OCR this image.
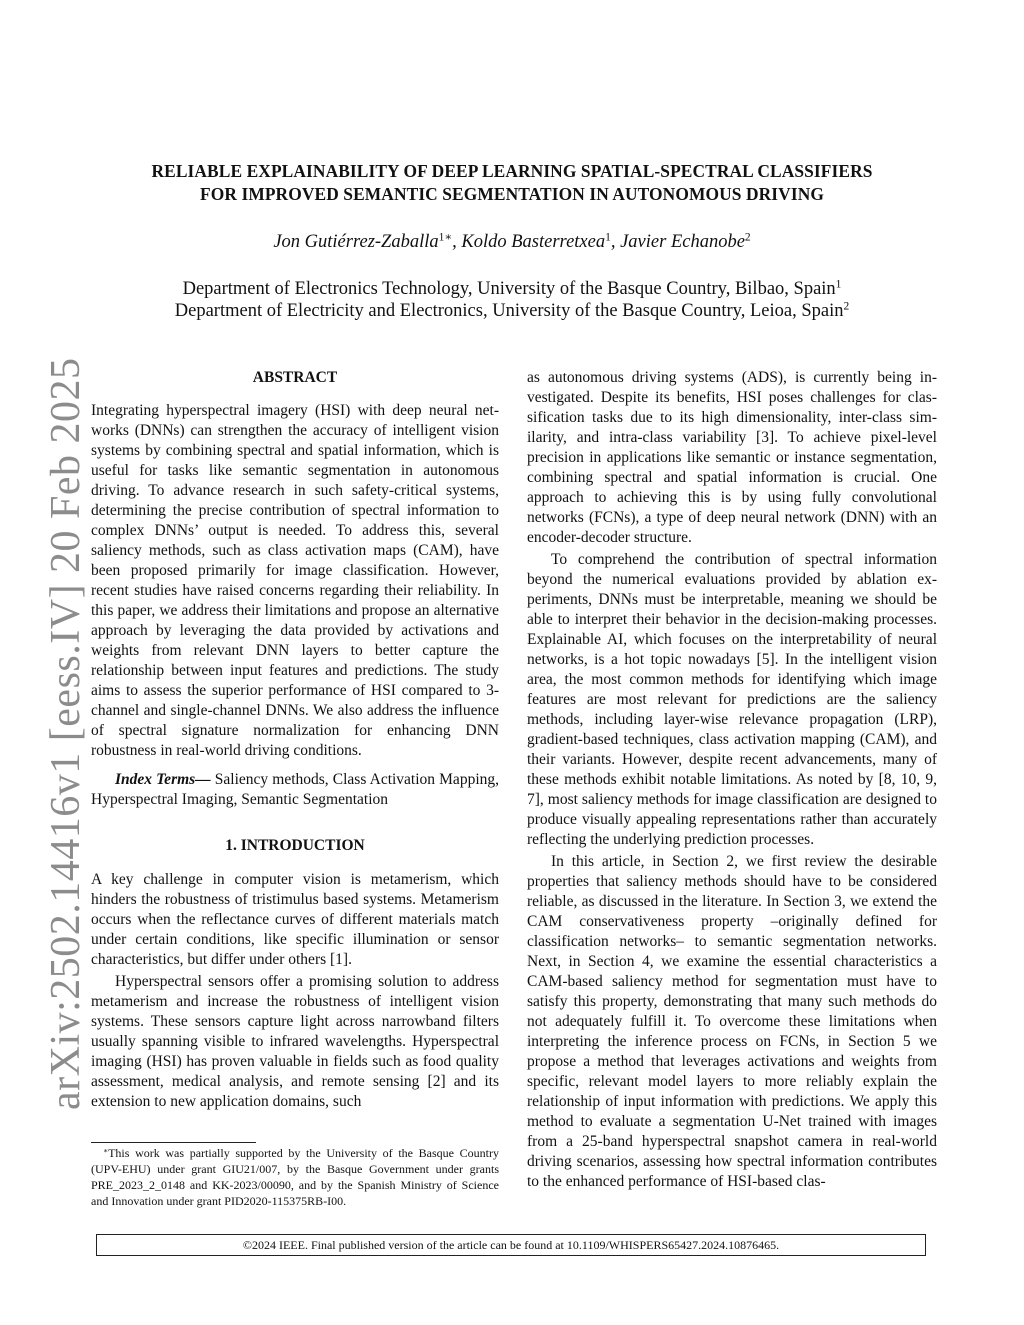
arXiv:2502.14416v1 [eess.IV] 20 Feb 2025
RELIABLE EXPLAINABILITY OF DEEP LEARNING SPATIAL-SPECTRAL CLASSIFIERS
FOR IMPROVED SEMANTIC SEGMENTATION IN AUTONOMOUS DRIVING
Jon Gutiérrez-Zaballa$^{1∗}$, Koldo Basterretxea$^1$, Javier Echanobe$^2$
Department of Electronics Technology, University of the Basque Country, Bilbao, Spain$^1$
Department of Electricity and Electronics, University of the Basque Country, Leioa, Spain$^2$
ABSTRACT

Integrating hyperspectral imagery (HSI) with deep neural networks (DNNs) can strengthen the accuracy of intelligent vision systems by combining spectral and spatial information, which is useful for tasks like semantic segmentation in autonomous driving. To advance research in such safety-critical systems, determining the precise contribution of spectral information to complex DNNs’ output is needed. To address this, several saliency methods, such as class activation maps (CAM), have been proposed primarily for image classification. However, recent studies have raised concerns regarding their reliability. In this paper, we address their limitations and propose an alternative approach by leveraging the data provided by activations and weights from relevant DNN layers to better capture the relationship between input features and predictions. The study aims to assess the superior performance of HSI compared to 3-channel and single-channel DNNs. We also address the influence of spectral signature normalization for enhancing DNN robustness in real-world driving conditions.

Index Terms— Saliency methods, Class Activation Mapping, Hyperspectral Imaging, Semantic Segmentation

1. INTRODUCTION

A key challenge in computer vision is metamerism, which hinders the robustness of tristimulus based systems. Metamerism occurs when the reflectance curves of different materials match under certain conditions, like specific illumination or sensor characteristics, but differ under others [1].

Hyperspectral sensors offer a promising solution to address metamerism and increase the robustness of intelligent vision systems. These sensors capture light across narrowband filters usually spanning visible to infrared wavelengths. Hyperspectral imaging (HSI) has proven valuable in fields such as food quality assessment, medical analysis, and remote sensing [2] and its extension to new application domains, such

∗This work was partially supported by the University of the Basque Country (UPV-EHU) under grant GIU21/007, by the Basque Government under grants PRE_2023_2_0148 and KK-2023/00090, and by the Spanish Ministry of Science and Innovation under grant PID2020-115375RB-I00.

as autonomous driving systems (ADS), is currently being investigated. Despite its benefits, HSI poses challenges for classification tasks due to its high dimensionality, inter-class similarity, and intra-class variability [3]. To achieve pixel-level precision in applications like semantic or instance segmentation, combining spectral and spatial information is crucial. One approach to achieving this is by using fully convolutional networks (FCNs), a type of deep neural network (DNN) with an encoder-decoder structure.

To comprehend the contribution of spectral information beyond the numerical evaluations provided by ablation experiments, DNNs must be interpretable, meaning we should be able to interpret their behavior in the decision-making processes. Explainable AI, which focuses on the interpretability of neural networks, is a hot topic nowadays [5]. In the intelligent vision area, the most common methods for identifying which image features are most relevant for predictions are the saliency methods, including layer-wise relevance propagation (LRP), gradient-based techniques, class activation mapping (CAM), and their variants. However, despite recent advancements, many of these methods exhibit notable limitations. As noted by [8, 10, 9, 7], most saliency methods for image classification are designed to produce visually appealing representations rather than accurately reflecting the underlying prediction processes.

In this article, in Section 2, we first review the desirable properties that saliency methods should have to be considered reliable, as discussed in the literature. In Section 3, we extend the CAM conservativeness property –originally defined for classification networks– to semantic segmentation networks. Next, in Section 4, we examine the essential characteristics a CAM-based saliency method for segmentation must have to satisfy this property, demonstrating that many such methods do not adequately fulfill it. To overcome these limitations when interpreting the inference process on FCNs, in Section 5 we propose a method that leverages activations and weights from specific, relevant model layers to more reliably explain the relationship of input information with predictions. We apply this method to evaluate a segmentation U-Net trained with images from a 25-band hyperspectral snapshot camera in real-world driving scenarios, assessing how spectral information contributes to the enhanced performance of HSI-based clas-

©2024 IEEE. Final published version of the article can be found at 10.1109/WHISPERS65427.2024.10876465.
